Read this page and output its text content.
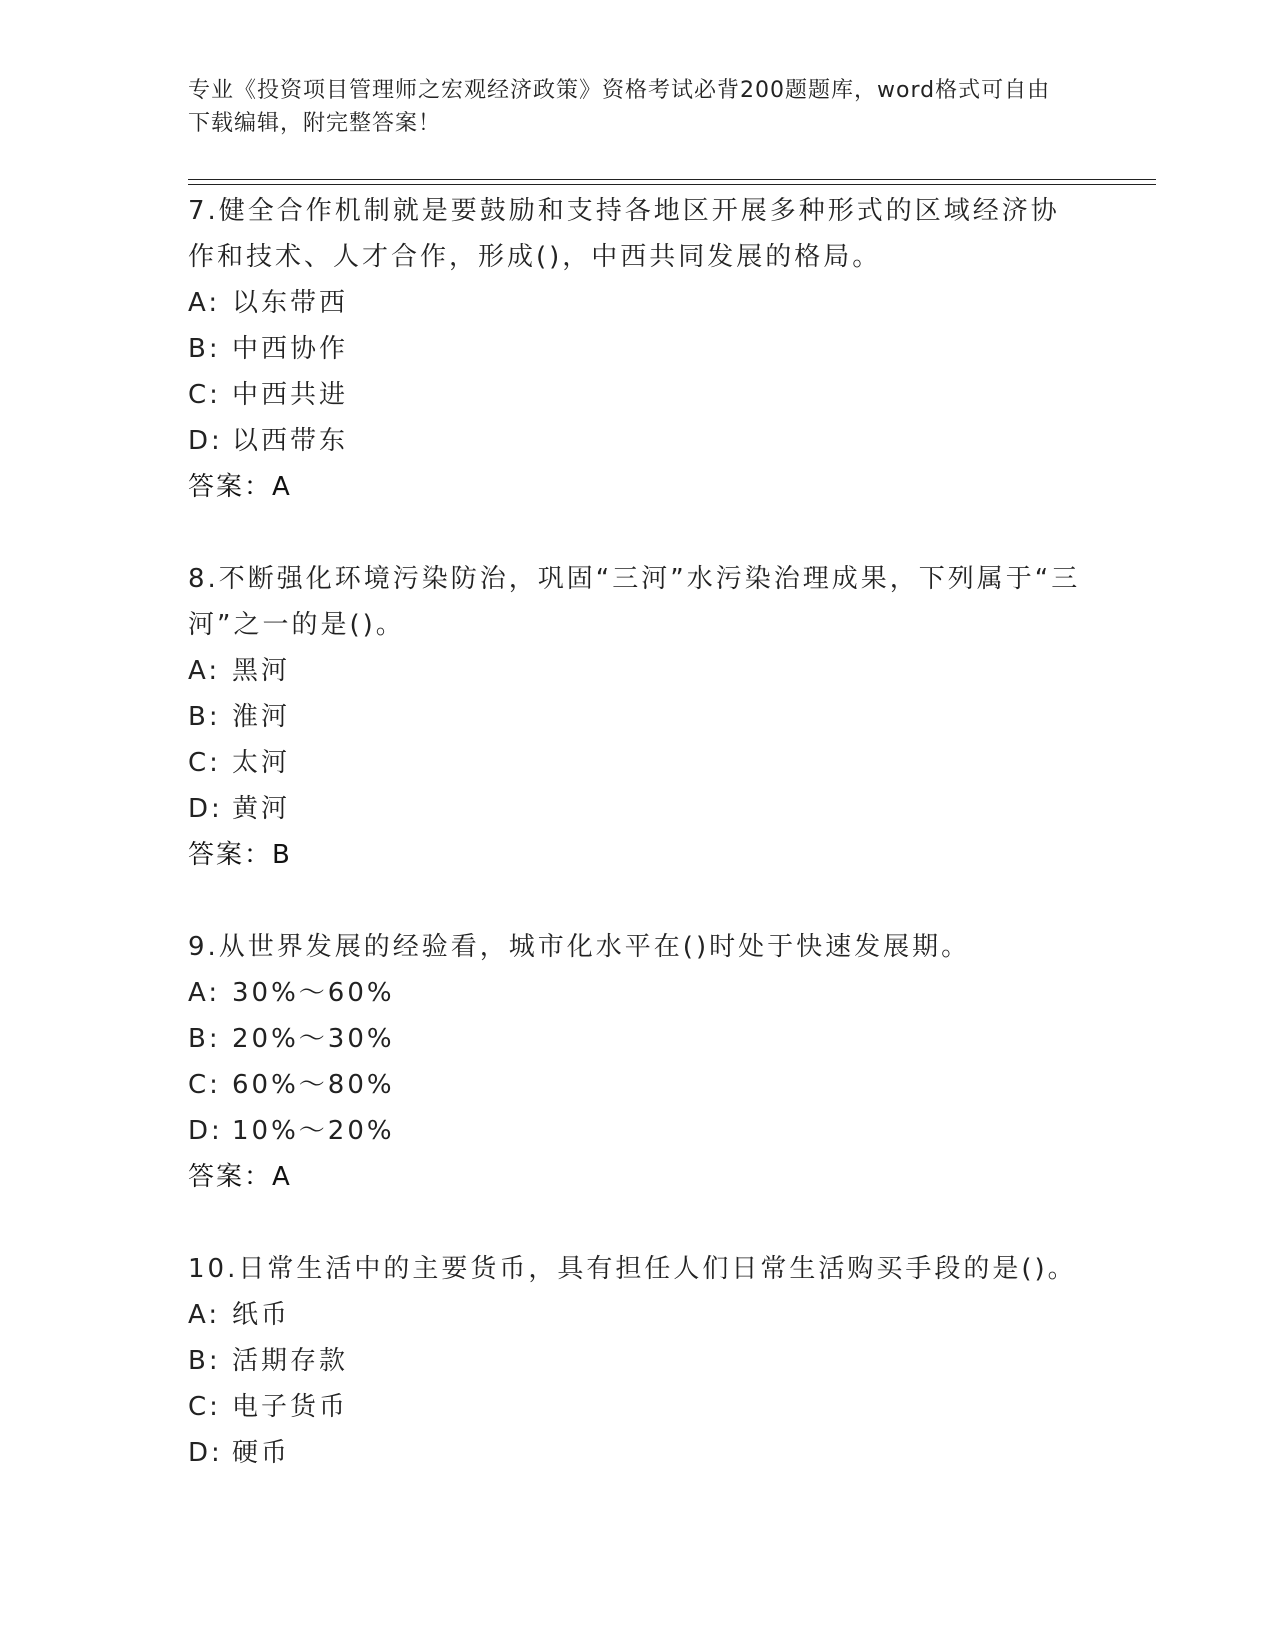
专业《投资项目管理师之宏观经济政策》资格考试必背200题题库，word格式可自由下载编辑，附完整答案！

7.健全合作机制就是要鼓励和支持各地区开展多种形式的区域经济协作和技术、人才合作，形成()，中西共同发展的格局。

A: 以东带西

B: 中西协作

C: 中西共进

D: 以西带东

答案：A

8.不断强化环境污染防治，巩固“三河”水污染治理成果，下列属于“三河”之一的是()。

A: 黑河

B: 淮河

C: 太河

D: 黄河

答案：B

9.从世界发展的经验看，城市化水平在()时处于快速发展期。

A: 30%～60%

B: 20%～30%

C: 60%～80%

D: 10%～20%

答案：A

10.日常生活中的主要货币，具有担任人们日常生活购买手段的是()。

A: 纸币

B: 活期存款

C: 电子货币

D: 硬币
